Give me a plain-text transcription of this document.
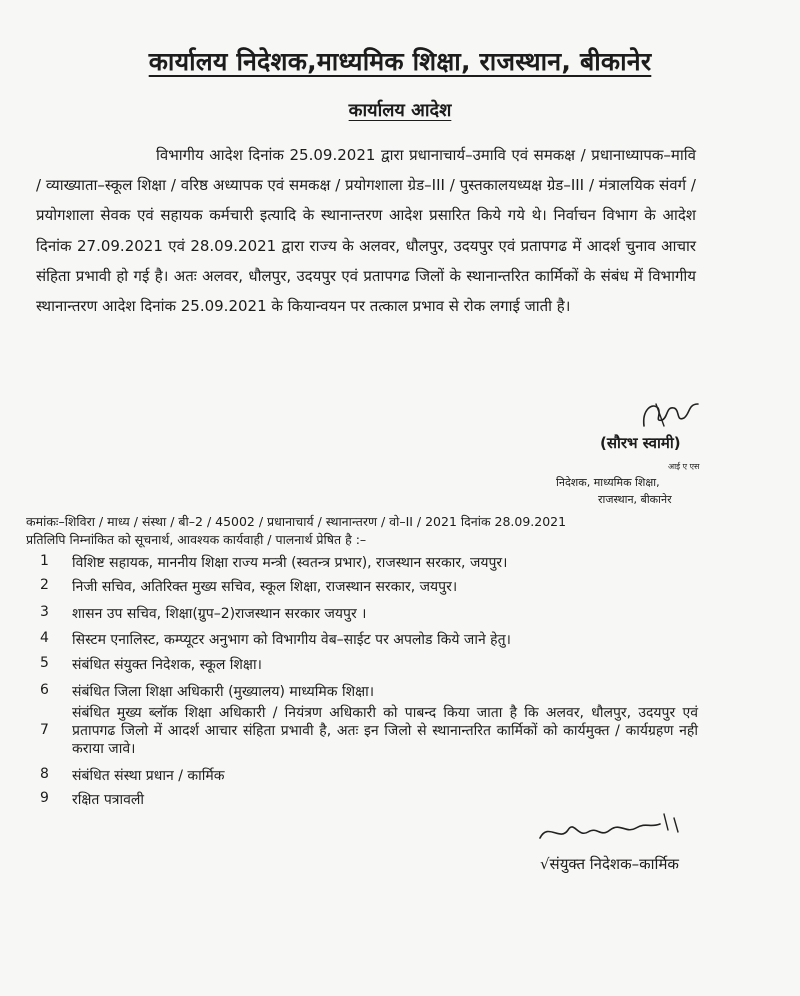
कार्यालय निदेशक,माध्यमिक शिक्षा, राजस्थान, बीकानेर
कार्यालय आदेश

विभागीय आदेश दिनांक 25.09.2021 द्वारा प्रधानाचार्य–उमावि एवं समकक्ष / प्रधानाध्यापक–मावि / व्याख्याता–स्कूल शिक्षा / वरिष्ठ अध्यापक एवं समकक्ष / प्रयोगशाला ग्रेड–III / पुस्तकालयध्यक्ष ग्रेड–III / मंत्रालयिक संवर्ग / प्रयोगशाला सेवक एवं सहायक कर्मचारी इत्यादि के स्थानान्तरण आदेश प्रसारित किये गये थे। निर्वाचन विभाग के आदेश दिनांक 27.09.2021 एवं 28.09.2021 द्वारा राज्य के अलवर, धौलपुर, उदयपुर एवं प्रतापगढ में आदर्श चुनाव आचार संहिता प्रभावी हो गई है। अतः अलवर, धौलपुर, उदयपुर एवं प्रतापगढ जिलों के स्थानान्तरित कार्मिकों के संबंध में विभागीय स्थानान्तरण आदेश दिनांक 25.09.2021 के कियान्वयन पर तत्काल प्रभाव से रोक लगाई जाती है।

(सौरभ स्वामी)
आई ए एस
निदेशक, माध्यमिक शिक्षा,
राजस्थान, बीकानेर
कमांकः–शिविरा / माध्य / संस्था / बी–2 / 45002 / प्रधानाचार्य / स्थानान्तरण / वो–II / 2021 दिनांक 28.09.2021
प्रतिलिपि निम्नांकित को सूचनार्थ, आवश्यक कार्यवाही / पालनार्थ प्रेषित है :–
1 विशिष्ट सहायक, माननीय शिक्षा राज्य मन्त्री (स्वतन्त्र प्रभार), राजस्थान सरकार, जयपुर।
2 निजी सचिव, अतिरिक्त मुख्य सचिव, स्कूल शिक्षा, राजस्थान सरकार, जयपुर।
3 शासन उप सचिव, शिक्षा(ग्रुप–2)राजस्थान सरकार जयपुर ।
4 सिस्टम एनालिस्ट, कम्प्यूटर अनुभाग को विभागीय वेब–साईट पर अपलोड किये जाने हेतु।
5 संबंधित संयुक्त निदेशक, स्कूल शिक्षा।
6 संबंधित जिला शिक्षा अधिकारी (मुख्यालय) माध्यमिक शिक्षा।
7
संबंधित मुख्य ब्लॉक शिक्षा अधिकारी / नियंत्रण अधिकारी को पाबन्द किया जाता है कि अलवर, धौलपुर, उदयपुर एवं प्रतापगढ जिलो में आदर्श आचार संहिता प्रभावी है, अतः इन जिलो से स्थानान्तरित कार्मिकों को कार्यमुक्त / कार्यग्रहण नही कराया जावे।
8 संबंधित संस्था प्रधान / कार्मिक
9 रक्षित पत्रावली
√संयुक्त निदेशक–कार्मिक
